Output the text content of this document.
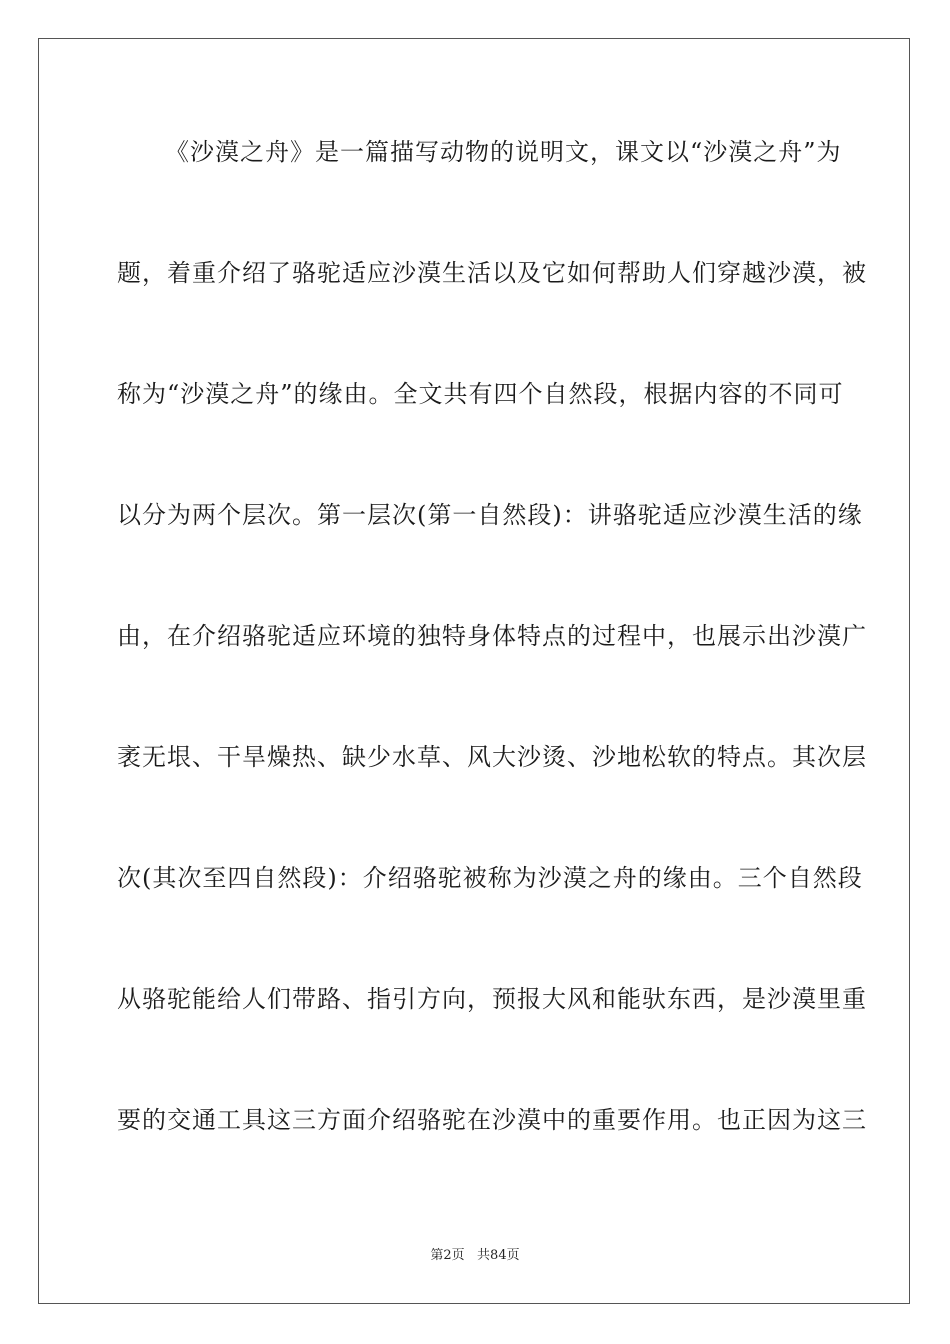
《沙漠之舟》是一篇描写动物的说明文，课文以“沙漠之舟”为
题，着重介绍了骆驼适应沙漠生活以及它如何帮助人们穿越沙漠，被
称为“沙漠之舟”的缘由。全文共有四个自然段，根据内容的不同可
以分为两个层次。第一层次(第一自然段)：讲骆驼适应沙漠生活的缘
由，在介绍骆驼适应环境的独特身体特点的过程中，也展示出沙漠广
袤无垠、干旱燥热、缺少水草、风大沙烫、沙地松软的特点。其次层
次(其次至四自然段)：介绍骆驼被称为沙漠之舟的缘由。三个自然段
从骆驼能给人们带路、指引方向，预报大风和能驮东西，是沙漠里重
要的交通工具这三方面介绍骆驼在沙漠中的重要作用。也正因为这三
第2页   共84页
